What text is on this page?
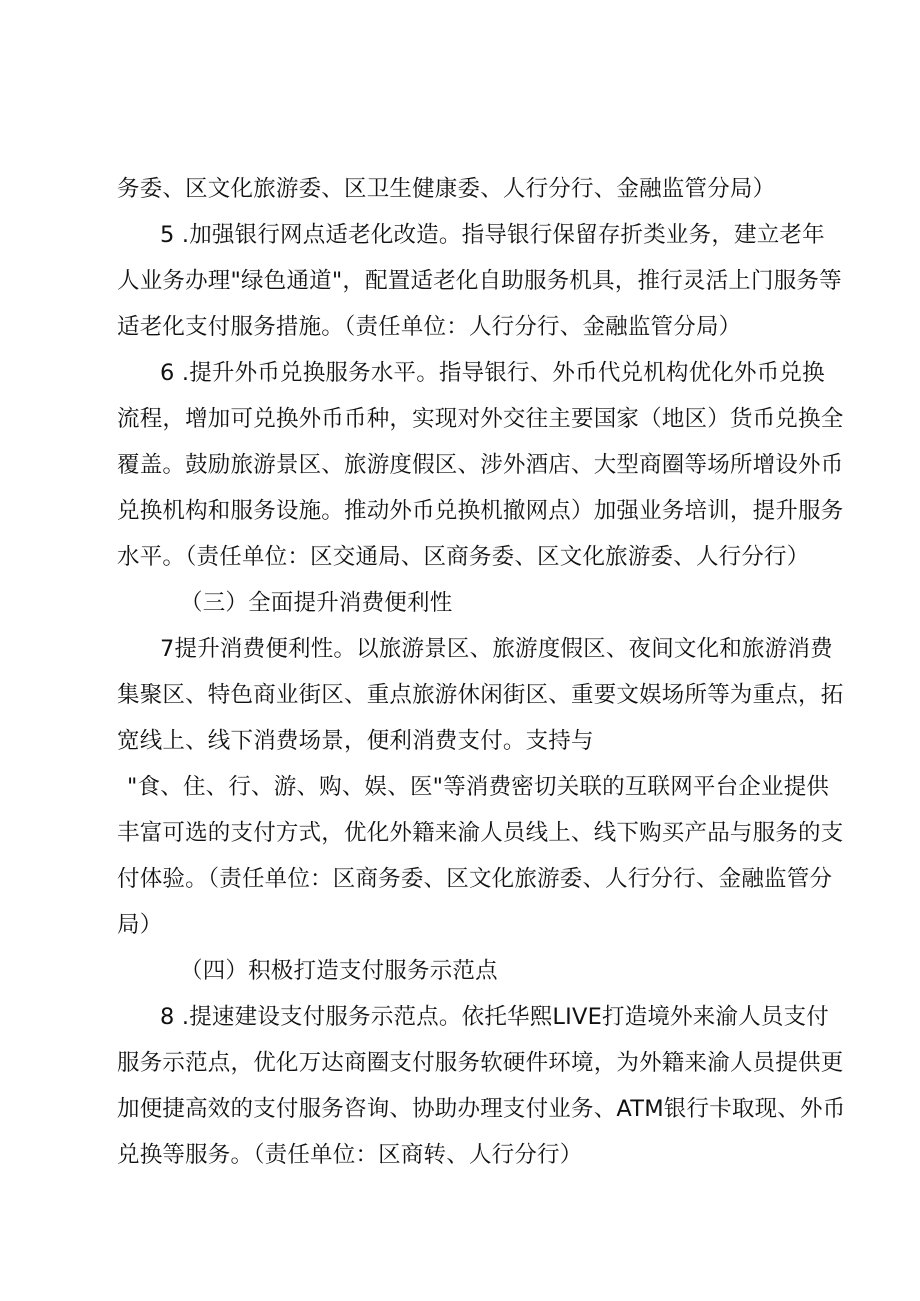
务委、区文化旅游委、区卫生健康委、人行分行、金融监管分局）
5 .加强银行网点适老化改造。指导银行保留存折类业务，建立老年
人业务办理"绿色通道"，配置适老化自助服务机具，推行灵活上门服务等
适老化支付服务措施。（责任单位：人行分行、金融监管分局）
6 .提升外币兑换服务水平。指导银行、外币代兑机构优化外币兑换
流程，增加可兑换外币币种，实现对外交往主要国家（地区）货币兑换全
覆盖。鼓励旅游景区、旅游度假区、涉外酒店、大型商圈等场所增设外币
兑换机构和服务设施。推动外币兑换机撤网点）加强业务培训，提升服务
水平。（责任单位：区交通局、区商务委、区文化旅游委、人行分行）
（三）全面提升消费便利性
7提升消费便利性。以旅游景区、旅游度假区、夜间文化和旅游消费
集聚区、特色商业街区、重点旅游休闲街区、重要文娱场所等为重点，拓
宽线上、线下消费场景，便利消费支付。支持与
"食、住、行、游、购、娱、医"等消费密切关联的互联网平台企业提供
丰富可选的支付方式，优化外籍来渝人员线上、线下购买产品与服务的支
付体验。（责任单位：区商务委、区文化旅游委、人行分行、金融监管分
局）
（四）积极打造支付服务示范点
8 .提速建设支付服务示范点。依托华熙LIVE打造境外来渝人员支付
服务示范点，优化万达商圈支付服务软硬件环境，为外籍来渝人员提供更
加便捷高效的支付服务咨询、协助办理支付业务、ATM银行卡取现、外币
兑换等服务。（责任单位：区商转、人行分行）
